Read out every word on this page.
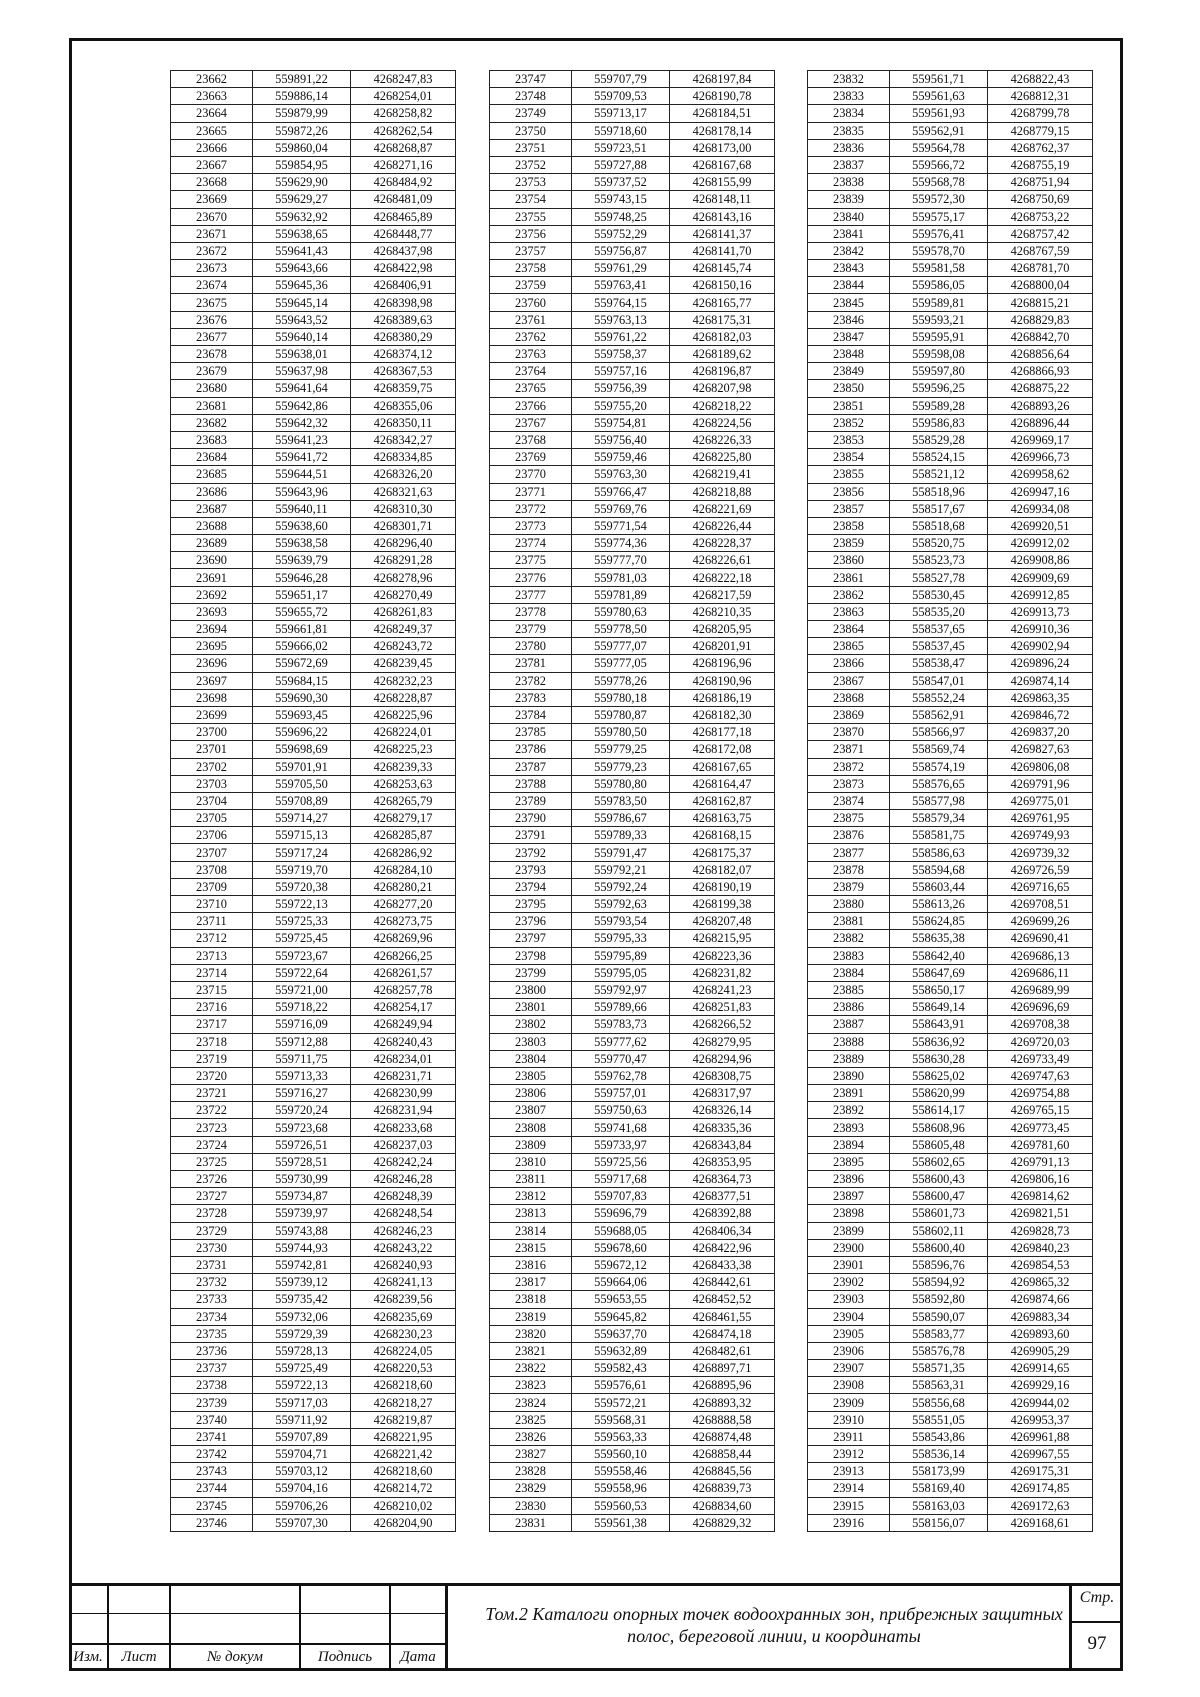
23662	559891,22	4268247,83
23663	559886,14	4268254,01
23664	559879,99	4268258,82
23665	559872,26	4268262,54
23666	559860,04	4268268,87
23667	559854,95	4268271,16
23668	559629,90	4268484,92
23669	559629,27	4268481,09
23670	559632,92	4268465,89
23671	559638,65	4268448,77
23672	559641,43	4268437,98
23673	559643,66	4268422,98
23674	559645,36	4268406,91
23675	559645,14	4268398,98
23676	559643,52	4268389,63
23677	559640,14	4268380,29
23678	559638,01	4268374,12
23679	559637,98	4268367,53
23680	559641,64	4268359,75
23681	559642,86	4268355,06
23682	559642,32	4268350,11
23683	559641,23	4268342,27
23684	559641,72	4268334,85
23685	559644,51	4268326,20
23686	559643,96	4268321,63
23687	559640,11	4268310,30
23688	559638,60	4268301,71
23689	559638,58	4268296,40
23690	559639,79	4268291,28
23691	559646,28	4268278,96
23692	559651,17	4268270,49
23693	559655,72	4268261,83
23694	559661,81	4268249,37
23695	559666,02	4268243,72
23696	559672,69	4268239,45
23697	559684,15	4268232,23
23698	559690,30	4268228,87
23699	559693,45	4268225,96
23700	559696,22	4268224,01
23701	559698,69	4268225,23
23702	559701,91	4268239,33
23703	559705,50	4268253,63
23704	559708,89	4268265,79
23705	559714,27	4268279,17
23706	559715,13	4268285,87
23707	559717,24	4268286,92
23708	559719,70	4268284,10
23709	559720,38	4268280,21
23710	559722,13	4268277,20
23711	559725,33	4268273,75
23712	559725,45	4268269,96
23713	559723,67	4268266,25
23714	559722,64	4268261,57
23715	559721,00	4268257,78
23716	559718,22	4268254,17
23717	559716,09	4268249,94
23718	559712,88	4268240,43
23719	559711,75	4268234,01
23720	559713,33	4268231,71
23721	559716,27	4268230,99
23722	559720,24	4268231,94
23723	559723,68	4268233,68
23724	559726,51	4268237,03
23725	559728,51	4268242,24
23726	559730,99	4268246,28
23727	559734,87	4268248,39
23728	559739,97	4268248,54
23729	559743,88	4268246,23
23730	559744,93	4268243,22
23731	559742,81	4268240,93
23732	559739,12	4268241,13
23733	559735,42	4268239,56
23734	559732,06	4268235,69
23735	559729,39	4268230,23
23736	559728,13	4268224,05
23737	559725,49	4268220,53
23738	559722,13	4268218,60
23739	559717,03	4268218,27
23740	559711,92	4268219,87
23741	559707,89	4268221,95
23742	559704,71	4268221,42
23743	559703,12	4268218,60
23744	559704,16	4268214,72
23745	559706,26	4268210,02
23746	559707,30	4268204,90
23747	559707,79	4268197,84
23748	559709,53	4268190,78
23749	559713,17	4268184,51
23750	559718,60	4268178,14
23751	559723,51	4268173,00
23752	559727,88	4268167,68
23753	559737,52	4268155,99
23754	559743,15	4268148,11
23755	559748,25	4268143,16
23756	559752,29	4268141,37
23757	559756,87	4268141,70
23758	559761,29	4268145,74
23759	559763,41	4268150,16
23760	559764,15	4268165,77
23761	559763,13	4268175,31
23762	559761,22	4268182,03
23763	559758,37	4268189,62
23764	559757,16	4268196,87
23765	559756,39	4268207,98
23766	559755,20	4268218,22
23767	559754,81	4268224,56
23768	559756,40	4268226,33
23769	559759,46	4268225,80
23770	559763,30	4268219,41
23771	559766,47	4268218,88
23772	559769,76	4268221,69
23773	559771,54	4268226,44
23774	559774,36	4268228,37
23775	559777,70	4268226,61
23776	559781,03	4268222,18
23777	559781,89	4268217,59
23778	559780,63	4268210,35
23779	559778,50	4268205,95
23780	559777,07	4268201,91
23781	559777,05	4268196,96
23782	559778,26	4268190,96
23783	559780,18	4268186,19
23784	559780,87	4268182,30
23785	559780,50	4268177,18
23786	559779,25	4268172,08
23787	559779,23	4268167,65
23788	559780,80	4268164,47
23789	559783,50	4268162,87
23790	559786,67	4268163,75
23791	559789,33	4268168,15
23792	559791,47	4268175,37
23793	559792,21	4268182,07
23794	559792,24	4268190,19
23795	559792,63	4268199,38
23796	559793,54	4268207,48
23797	559795,33	4268215,95
23798	559795,89	4268223,36
23799	559795,05	4268231,82
23800	559792,97	4268241,23
23801	559789,66	4268251,83
23802	559783,73	4268266,52
23803	559777,62	4268279,95
23804	559770,47	4268294,96
23805	559762,78	4268308,75
23806	559757,01	4268317,97
23807	559750,63	4268326,14
23808	559741,68	4268335,36
23809	559733,97	4268343,84
23810	559725,56	4268353,95
23811	559717,68	4268364,73
23812	559707,83	4268377,51
23813	559696,79	4268392,88
23814	559688,05	4268406,34
23815	559678,60	4268422,96
23816	559672,12	4268433,38
23817	559664,06	4268442,61
23818	559653,55	4268452,52
23819	559645,82	4268461,55
23820	559637,70	4268474,18
23821	559632,89	4268482,61
23822	559582,43	4268897,71
23823	559576,61	4268895,96
23824	559572,21	4268893,32
23825	559568,31	4268888,58
23826	559563,33	4268874,48
23827	559560,10	4268858,44
23828	559558,46	4268845,56
23829	559558,96	4268839,73
23830	559560,53	4268834,60
23831	559561,38	4268829,32
23832	559561,71	4268822,43
23833	559561,63	4268812,31
23834	559561,93	4268799,78
23835	559562,91	4268779,15
23836	559564,78	4268762,37
23837	559566,72	4268755,19
23838	559568,78	4268751,94
23839	559572,30	4268750,69
23840	559575,17	4268753,22
23841	559576,41	4268757,42
23842	559578,70	4268767,59
23843	559581,58	4268781,70
23844	559586,05	4268800,04
23845	559589,81	4268815,21
23846	559593,21	4268829,83
23847	559595,91	4268842,70
23848	559598,08	4268856,64
23849	559597,80	4268866,93
23850	559596,25	4268875,22
23851	559589,28	4268893,26
23852	559586,83	4268896,44
23853	558529,28	4269969,17
23854	558524,15	4269966,73
23855	558521,12	4269958,62
23856	558518,96	4269947,16
23857	558517,67	4269934,08
23858	558518,68	4269920,51
23859	558520,75	4269912,02
23860	558523,73	4269908,86
23861	558527,78	4269909,69
23862	558530,45	4269912,85
23863	558535,20	4269913,73
23864	558537,65	4269910,36
23865	558537,45	4269902,94
23866	558538,47	4269896,24
23867	558547,01	4269874,14
23868	558552,24	4269863,35
23869	558562,91	4269846,72
23870	558566,97	4269837,20
23871	558569,74	4269827,63
23872	558574,19	4269806,08
23873	558576,65	4269791,96
23874	558577,98	4269775,01
23875	558579,34	4269761,95
23876	558581,75	4269749,93
23877	558586,63	4269739,32
23878	558594,68	4269726,59
23879	558603,44	4269716,65
23880	558613,26	4269708,51
23881	558624,85	4269699,26
23882	558635,38	4269690,41
23883	558642,40	4269686,13
23884	558647,69	4269686,11
23885	558650,17	4269689,99
23886	558649,14	4269696,69
23887	558643,91	4269708,38
23888	558636,92	4269720,03
23889	558630,28	4269733,49
23890	558625,02	4269747,63
23891	558620,99	4269754,88
23892	558614,17	4269765,15
23893	558608,96	4269773,45
23894	558605,48	4269781,60
23895	558602,65	4269791,13
23896	558600,43	4269806,16
23897	558600,47	4269814,62
23898	558601,73	4269821,51
23899	558602,11	4269828,73
23900	558600,40	4269840,23
23901	558596,76	4269854,53
23902	558594,92	4269865,32
23903	558592,80	4269874,66
23904	558590,07	4269883,34
23905	558583,77	4269893,60
23906	558576,78	4269905,29
23907	558571,35	4269914,65
23908	558563,31	4269929,16
23909	558556,68	4269944,02
23910	558551,05	4269953,37
23911	558543,86	4269961,88
23912	558536,14	4269967,55
23913	558173,99	4269175,31
23914	558169,40	4269174,85
23915	558163,03	4269172,63
23916	558156,07	4269168,61
Изм.	Лист	№ докум	Подпись	Дата
Том.2 Каталоги опорных точек водоохранных зон, прибрежных защитных полос, береговой линии, и координаты
Стр.
97
